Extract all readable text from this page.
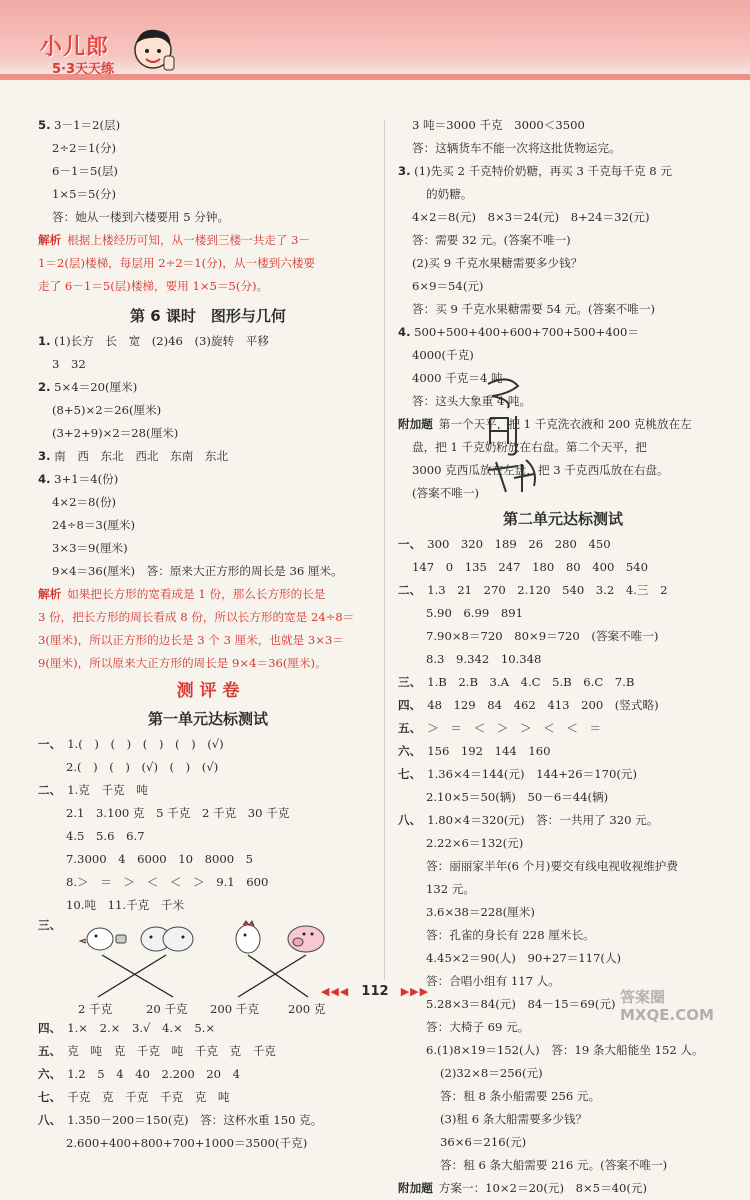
小儿郎
5·3天天练
5. 3－1＝2(层)
2÷2＝1(分)
6－1＝5(层)
1×5＝5(分)
答：她从一楼到六楼要用 5 分钟。
解析 根据上楼经历可知，从一楼到三楼一共走了 3－
1＝2(层)楼梯，每层用 2÷2＝1(分)，从一楼到六楼要
走了 6－1＝5(层)楼梯，要用 1×5＝5(分)。
第 6 课时　图形与几何
1. (1)长方　长　宽　(2)46　(3)旋转　平移
3　32
2. 5×4＝20(厘米)
(8+5)×2＝26(厘米)
(3+2+9)×2＝28(厘米)
3. 南　西　东北　西北　东南　东北
4. 3+1＝4(份)
4×2＝8(份)
24÷8＝3(厘米)
3×3＝9(厘米)
9×4＝36(厘米)　答：原来大正方形的周长是 36 厘米。
解析 如果把长方形的宽看成是 1 份，那么长方形的长是
3 份，把长方形的周长看成 8 份，所以长方形的宽是 24÷8＝
3(厘米)，所以正方形的边长是 3 个 3 厘米，也就是 3×3＝
9(厘米)，所以原来大正方形的周长是 9×4＝36(厘米)。
测 评 卷
第一单元达标测试
一、 1.(　)　(　)　(　)　(　)　(√)
2.(　)　(　)　(√)　(　)　(√)
二、 1.克　千克　吨
2.1　3.100 克　5 千克　2 千克　30 千克
4.5　5.6　6.7
7.3000　4　6000　10　8000　5
8.＞　＝　＞　＜　＜　＞　9.1　600
10.吨　11.千克　千米
三、
2 千克	20 千克 200 千克 200 克
四、 1.×　2.×　3.√　4.×　5.×
五、 克　吨　克　千克　吨　千克　克　千克
六、 1.2　5　4　40　2.200　20　4
七、 千克　克　千克　千克　克　吨
八、 1.350－200＝150(克)　答：这杯水重 150 克。
2.600+400+800+700+1000＝3500(千克)
3 吨＝3000 千克　3000＜3500
答：这辆货车不能一次将这批货物运完。
3. (1)先买 2 千克特价奶糖，再买 3 千克每千克 8 元
的奶糖。
4×2＝8(元)　8×3＝24(元)　8+24＝32(元)
答：需要 32 元。(答案不唯一)
(2)买 9 千克水果糖需要多少钱？
6×9＝54(元)
答：买 9 千克水果糖需要 54 元。(答案不唯一)
4. 500+500+400+600+700+500+400＝
4000(千克)
4000 千克＝4 吨
答：这头大象重 4 吨。
附加题 第一个天平，把 1 千克洗衣液和 200 克桃放在左
盘，把 1 千克奶粉放在右盘。第二个天平，把
3000 克西瓜放在左盘，把 3 千克西瓜放在右盘。
(答案不唯一)
第二单元达标测试
一、 300　320　189　26　280　450
147　0　135　247　180　80　400　540
二、 1.3　21　270　2.120　540　3.2　4.三　2
5.90　6.99　891
7.90×8＝720　80×9＝720　(答案不唯一)
8.3　9.342　10.348
三、 1.B　2.B　3.A　4.C　5.B　6.C　7.B
四、 48　129　84　462　413　200　(竖式略)
五、 ＞　＝　＜　＞　＞　＜　＜　＝
六、 156　192　144　160
七、 1.36×4＝144(元)　144+26＝170(元)
2.10×5＝50(辆)　50－6＝44(辆)
八、 1.80×4＝320(元)　答：一共用了 320 元。
2.22×6＝132(元)
答：丽丽家半年(6 个月)要交有线电视收视维护费
132 元。
3.6×38＝228(厘米)
答：孔雀的身长有 228 厘米长。
4.45×2＝90(人)　90+27＝117(人)
答：合唱小组有 117 人。
5.28×3＝84(元)　84－15＝69(元)
答：大椅子 69 元。
6.(1)8×19＝152(人)　答：19 条大船能坐 152 人。
(2)32×8＝256(元)
答：租 8 条小船需要 256 元。
(3)租 6 条大船需要多少钱？
36×6＝216(元)
答：租 6 条大船需要 216 元。(答案不唯一)
附加题 方案一：10×2＝20(元)　8×5＝40(元)
◀◀◀ 112 ▶▶▶	答案圈
MXQE.COM
